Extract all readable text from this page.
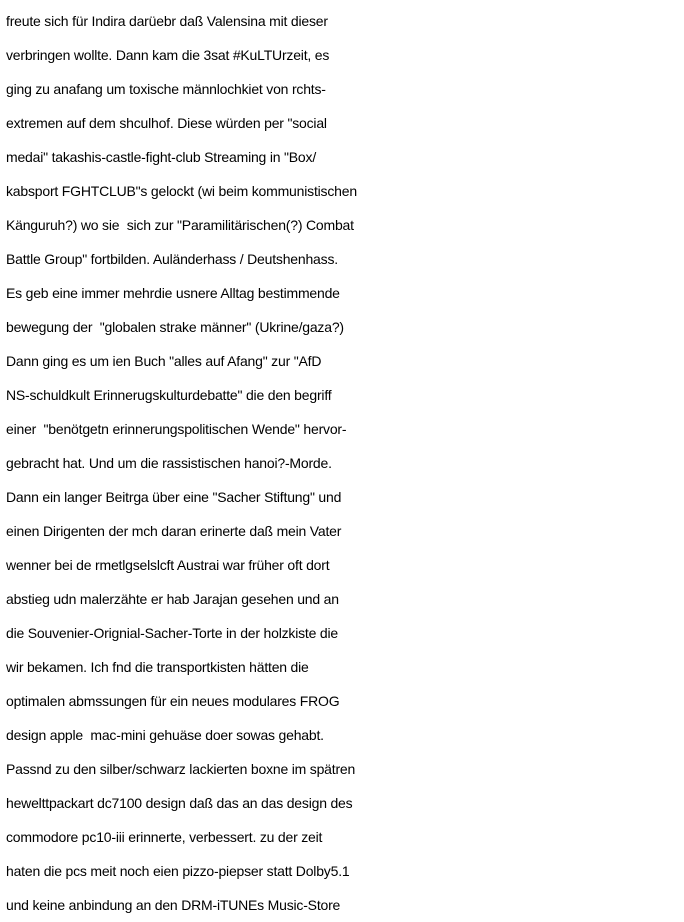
freute sich für Indira darüebr daß Valensina mit dieser
verbringen wollte. Dann kam die 3sat #KuLTUrzeit, es
ging zu anafang um toxische männlochkiet von rchts-
extremen auf dem shculhof. Diese würden per "social
medai" takashis-castle-fight-club Streaming in "Box/
kabsport FGHTCLUB"s gelockt (wi beim kommunistischen
Känguruh?) wo sie  sich zur "Paramilitärischen(?) Combat
Battle Group" fortbilden. Auländerhass / Deutshenhass.
Es geb eine immer mehrdie usnere Alltag bestimmende
bewegung der  "globalen strake männer" (Ukrine/gaza?)
Dann ging es um ien Buch "alles auf Afang" zur "AfD
NS-schuldkult Erinnerugskulturdebatte" die den begriff
einer  "benötgetn erinnerungspolitischen Wende" hervor-
gebracht hat. Und um die rassistischen hanoi?-Morde.
Dann ein langer Beitrga über eine "Sacher Stiftung" und
einen Dirigenten der mch daran erinerte daß mein Vater
wenner bei de rmetlgselslcft Austrai war früher oft dort
abstieg udn malerzähte er hab Jarajan gesehen und an
die Souvenier-Orignial-Sacher-Torte in der holzkiste die
wir bekamen. Ich fnd die transportkisten hätten die
optimalen abmssungen für ein neues modulares FROG
design apple  mac-mini gehuäse doer sowas gehabt.
Passnd zu den silber/schwarz lackierten boxne im spätren
hewelttpackart dc7100 design daß das an das design des
commodore pc10-iii erinnerte, verbessert. zu der zeit
haten die pcs meit noch eien pizzo-piepser statt Dolby5.1
und keine anbindung an den DRM-iTUNEs Music-Store
